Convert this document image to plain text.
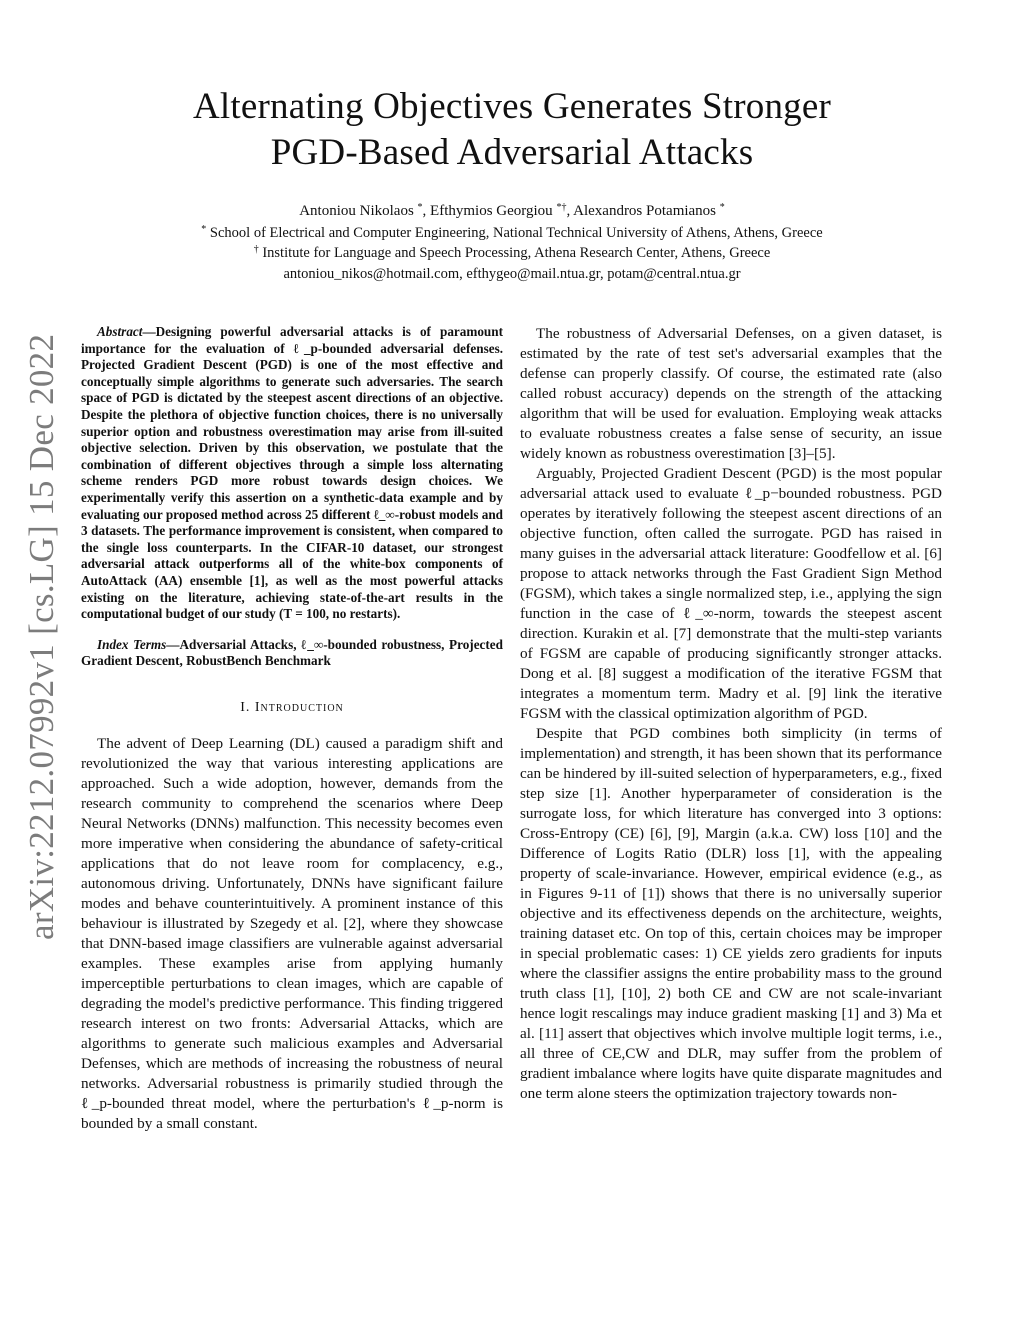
Alternating Objectives Generates Stronger
PGD-Based Adversarial Attacks
Antoniou Nikolaos *, Efthymios Georgiou *†, Alexandros Potamianos *
* School of Electrical and Computer Engineering, National Technical University of Athens, Athens, Greece
† Institute for Language and Speech Processing, Athena Research Center, Athens, Greece
antoniou_nikos@hotmail.com, efthygeo@mail.ntua.gr, potam@central.ntua.gr
arXiv:2212.07992v1 [cs.LG] 15 Dec 2022
Abstract—Designing powerful adversarial attacks is of paramount importance for the evaluation of ℓ_p-bounded adversarial defenses. Projected Gradient Descent (PGD) is one of the most effective and conceptually simple algorithms to generate such adversaries. The search space of PGD is dictated by the steepest ascent directions of an objective. Despite the plethora of objective function choices, there is no universally superior option and robustness overestimation may arise from ill-suited objective selection. Driven by this observation, we postulate that the combination of different objectives through a simple loss alternating scheme renders PGD more robust towards design choices. We experimentally verify this assertion on a synthetic-data example and by evaluating our proposed method across 25 different ℓ_∞-robust models and 3 datasets. The performance improvement is consistent, when compared to the single loss counterparts. In the CIFAR-10 dataset, our strongest adversarial attack outperforms all of the white-box components of AutoAttack (AA) ensemble [1], as well as the most powerful attacks existing on the literature, achieving state-of-the-art results in the computational budget of our study (T = 100, no restarts).
Index Terms—Adversarial Attacks, ℓ_∞-bounded robustness, Projected Gradient Descent, RobustBench Benchmark
I. Introduction
The advent of Deep Learning (DL) caused a paradigm shift and revolutionized the way that various interesting applications are approached. Such a wide adoption, however, demands from the research community to comprehend the scenarios where Deep Neural Networks (DNNs) malfunction. This necessity becomes even more imperative when considering the abundance of safety-critical applications that do not leave room for complacency, e.g., autonomous driving. Unfortunately, DNNs have significant failure modes and behave counterintuitively. A prominent instance of this behaviour is illustrated by Szegedy et al. [2], where they showcase that DNN-based image classifiers are vulnerable against adversarial examples. These examples arise from applying humanly imperceptible perturbations to clean images, which are capable of degrading the model's predictive performance. This finding triggered research interest on two fronts: Adversarial Attacks, which are algorithms to generate such malicious examples and Adversarial Defenses, which are methods of increasing the robustness of neural networks. Adversarial robustness is primarily studied through the ℓ_p-bounded threat model, where the perturbation's ℓ_p-norm is bounded by a small constant.
The robustness of Adversarial Defenses, on a given dataset, is estimated by the rate of test set's adversarial examples that the defense can properly classify. Of course, the estimated rate (also called robust accuracy) depends on the strength of the attacking algorithm that will be used for evaluation. Employing weak attacks to evaluate robustness creates a false sense of security, an issue widely known as robustness overestimation [3]–[5].
Arguably, Projected Gradient Descent (PGD) is the most popular adversarial attack used to evaluate ℓ_p−bounded robustness. PGD operates by iteratively following the steepest ascent directions of an objective function, often called the surrogate. PGD has raised in many guises in the adversarial attack literature: Goodfellow et al. [6] propose to attack networks through the Fast Gradient Sign Method (FGSM), which takes a single normalized step, i.e., applying the sign function in the case of ℓ_∞-norm, towards the steepest ascent direction. Kurakin et al. [7] demonstrate that the multi-step variants of FGSM are capable of producing significantly stronger attacks. Dong et al. [8] suggest a modification of the iterative FGSM that integrates a momentum term. Madry et al. [9] link the iterative FGSM with the classical optimization algorithm of PGD.
Despite that PGD combines both simplicity (in terms of implementation) and strength, it has been shown that its performance can be hindered by ill-suited selection of hyperparameters, e.g., fixed step size [1]. Another hyperparameter of consideration is the surrogate loss, for which literature has converged into 3 options: Cross-Entropy (CE) [6], [9], Margin (a.k.a. CW) loss [10] and the Difference of Logits Ratio (DLR) loss [1], with the appealing property of scale-invariance. However, empirical evidence (e.g., as in Figures 9-11 of [1]) shows that there is no universally superior objective and its effectiveness depends on the architecture, weights, training dataset etc. On top of this, certain choices may be improper in special problematic cases: 1) CE yields zero gradients for inputs where the classifier assigns the entire probability mass to the ground truth class [1], [10], 2) both CE and CW are not scale-invariant hence logit rescalings may induce gradient masking [1] and 3) Ma et al. [11] assert that objectives which involve multiple logit terms, i.e., all three of CE,CW and DLR, may suffer from the problem of gradient imbalance where logits have quite disparate magnitudes and one term alone steers the optimization trajectory towards non-
